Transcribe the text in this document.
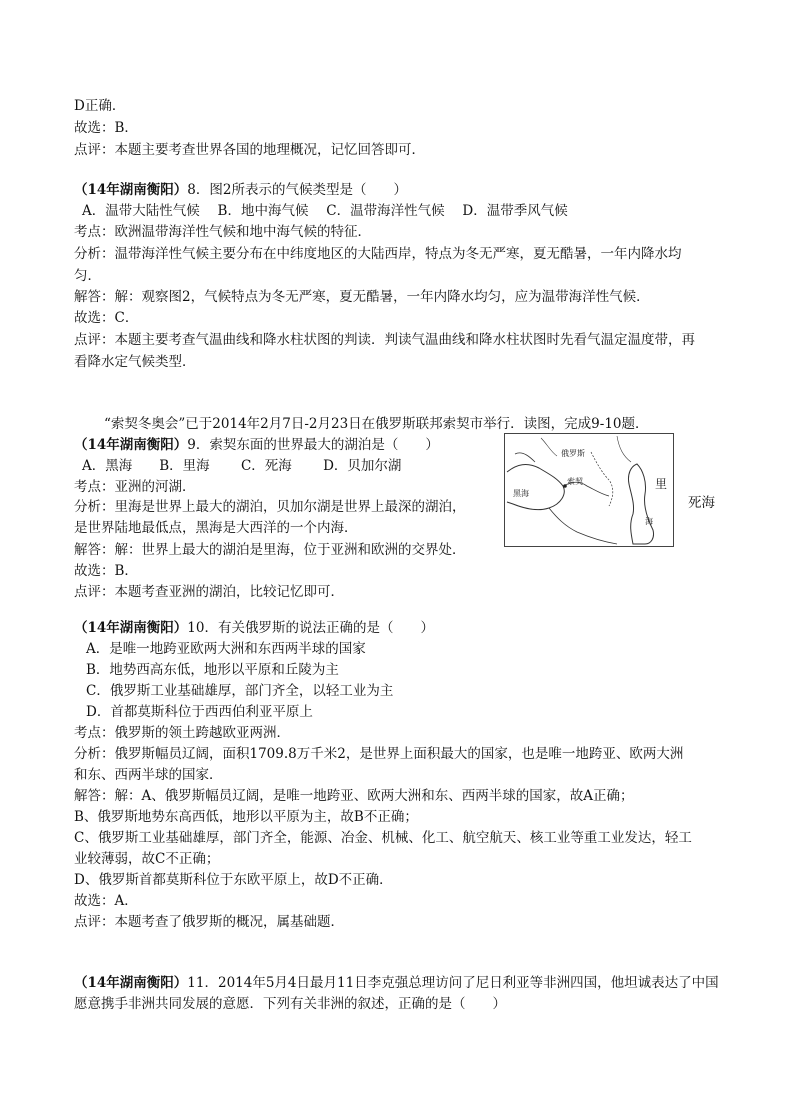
D正确．
故选：B．
点评：本题主要考查世界各国的地理概况，记忆回答即可．
（14年湖南衡阳）8．图2所表示的气候类型是（　　）
A．温带大陆性气候　 B．地中海气候　 C．温带海洋性气候　 D．温带季风气候
考点：欧洲温带海洋性气候和地中海气候的特征．
分析：温带海洋性气候主要分布在中纬度地区的大陆西岸，特点为冬无严寒，夏无酷暑，一年内降水均
匀．
解答：解：观察图2，气候特点为冬无严寒，夏无酷暑，一年内降水均匀，应为温带海洋性气候．
故选：C．
点评：本题主要考查气温曲线和降水柱状图的判读．判读气温曲线和降水柱状图时先看气温定温度带，再
看降水定气候类型．
“索契冬奥会”已于2014年2月7日-2月23日在俄罗斯联邦索契市举行．读图，完成9-10题．
（14年湖南衡阳）9．索契东面的世界最大的湖泊是（　　）
A．黑海　　B．里海　　 C．死海　　 D．贝加尔湖
考点：亚洲的河湖．
分析：里海是世界上最大的湖泊，贝加尔湖是世界上最深的湖泊，	死海
是世界陆地最低点，黑海是大西洋的一个内海．
解答：解：世界上最大的湖泊是里海，位于亚洲和欧洲的交界处．
故选：B．
点评：本题考查亚洲的湖泊，比较记忆即可．
俄罗斯
黑海
索契	里
海
（14年湖南衡阳）10．有关俄罗斯的说法正确的是（　　）
A．是唯一地跨亚欧两大洲和东西两半球的国家
B．地势西高东低，地形以平原和丘陵为主
C．俄罗斯工业基础雄厚，部门齐全，以轻工业为主
D．首都莫斯科位于西西伯利亚平原上
考点：俄罗斯的领土跨越欧亚两洲．
分析：俄罗斯幅员辽阔，面积1709.8万千米2，是世界上面积最大的国家，也是唯一地跨亚、欧两大洲
和东、西两半球的国家．
解答：解：A、俄罗斯幅员辽阔，是唯一地跨亚、欧两大洲和东、西两半球的国家，故A正确；
B、俄罗斯地势东高西低，地形以平原为主，故B不正确；
C、俄罗斯工业基础雄厚，部门齐全，能源、冶金、机械、化工、航空航天、核工业等重工业发达，轻工
业较薄弱，故C不正确；
D、俄罗斯首都莫斯科位于东欧平原上，故D不正确．
故选：A．
点评：本题考查了俄罗斯的概况，属基础题．
（14年湖南衡阳）11．2014年5月4日最月11日李克强总理访问了尼日利亚等非洲四国，他坦诚表达了中国
愿意携手非洲共同发展的意愿．下列有关非洲的叙述，正确的是（　　）
